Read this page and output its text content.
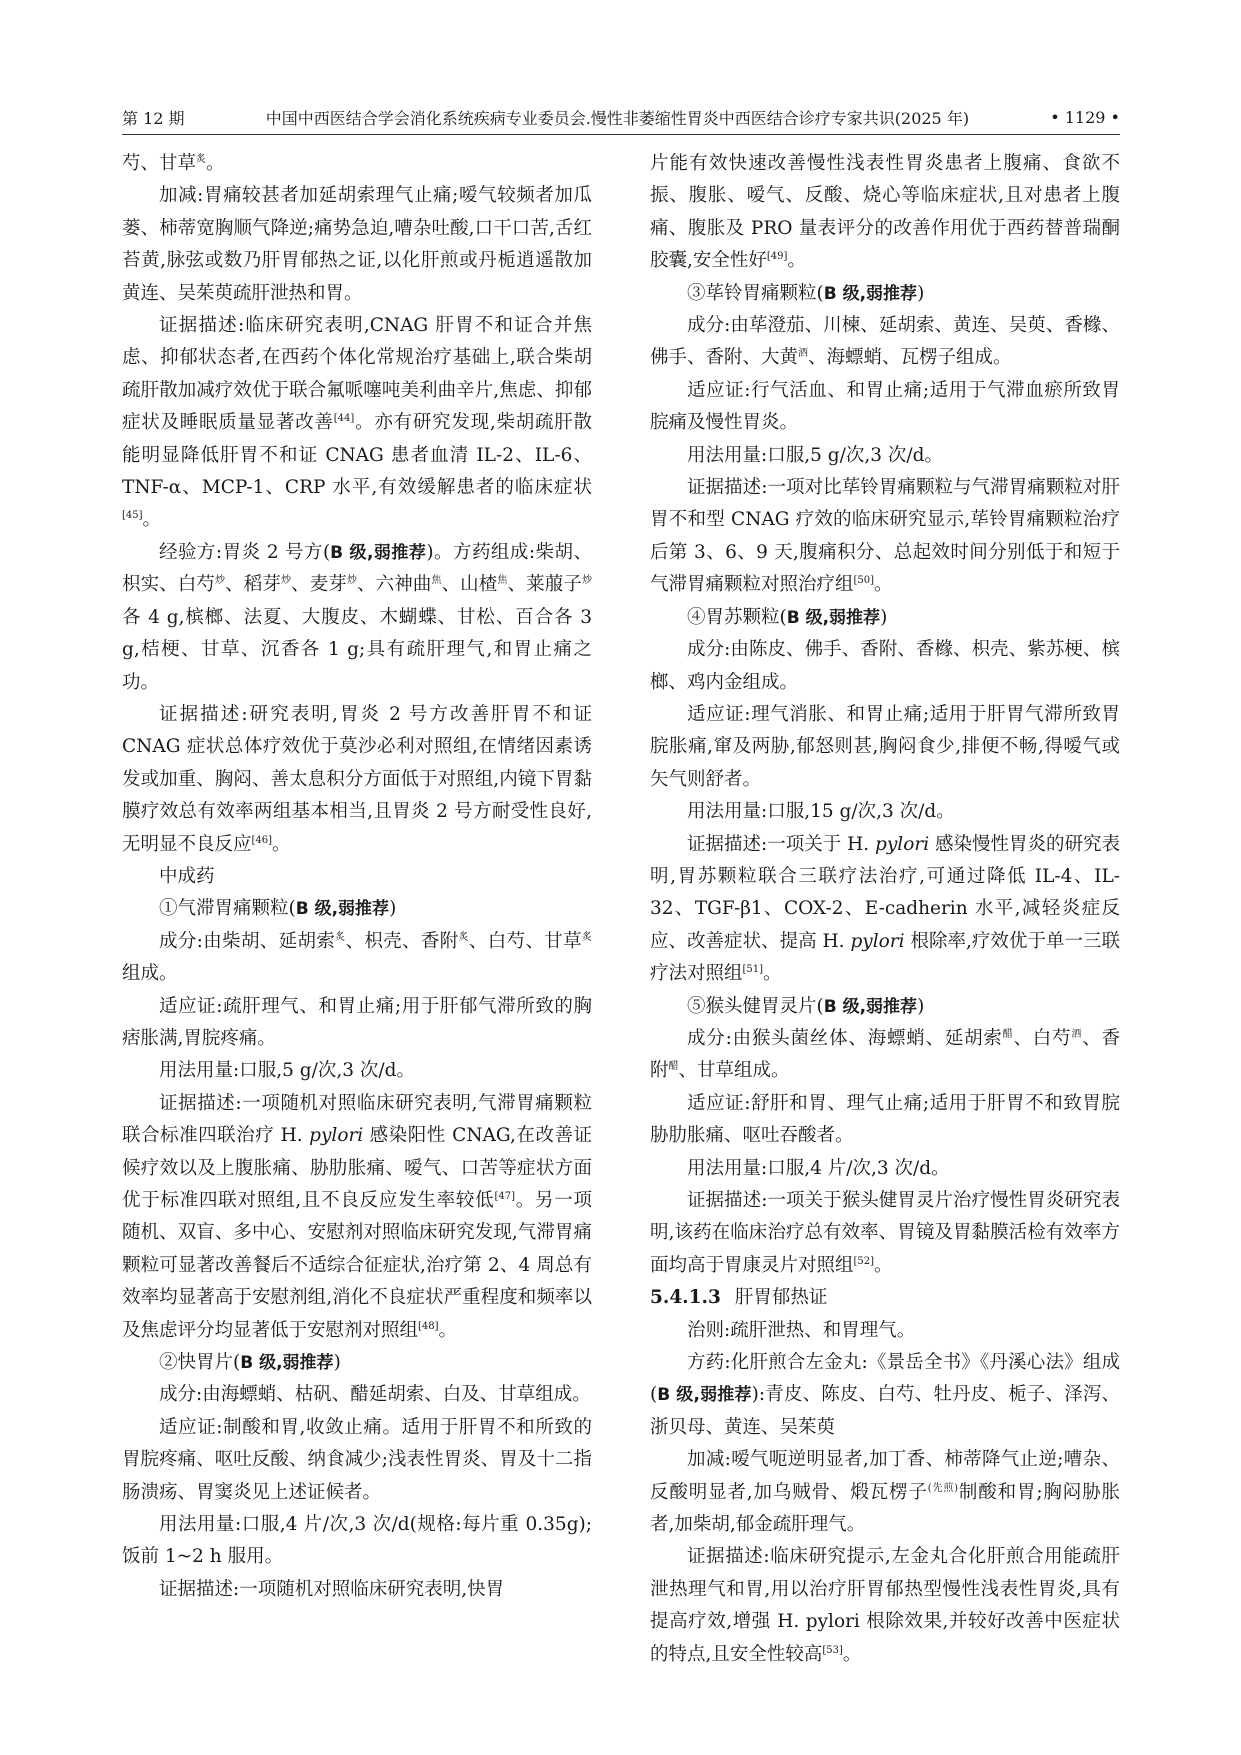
第 12 期	中国中西医结合学会消化系统疾病专业委员会.慢性非萎缩性胃炎中西医结合诊疗专家共识(2025 年)	• 1129 •

芍、甘草$^炙$。

加减:胃痛较甚者加延胡索理气止痛;嗳气较频者加瓜蒌、柿蒂宽胸顺气降逆;痛势急迫,嘈杂吐酸,口干口苦,舌红苔黄,脉弦或数乃肝胃郁热之证,以化肝煎或丹栀逍遥散加黄连、吴茱萸疏肝泄热和胃。

证据描述:临床研究表明,CNAG 肝胃不和证合并焦虑、抑郁状态者,在西药个体化常规治疗基础上,联合柴胡疏肝散加减疗效优于联合氟哌噻吨美利曲辛片,焦虑、抑郁症状及睡眠质量显著改善[44]。亦有研究发现,柴胡疏肝散能明显降低肝胃不和证 CNAG 患者血清 IL-2、IL-6、TNF-α、MCP-1、CRP 水平,有效缓解患者的临床症状[45]。

经验方:胃炎 2 号方(B 级,弱推荐)。方药组成:柴胡、枳实、白芍$^炒$、稻芽$^炒$、麦芽$^炒$、六神曲$^焦$、山楂$^焦$、莱菔子$^炒$各 4 g,槟榔、法夏、大腹皮、木蝴蝶、甘松、百合各 3 g,桔梗、甘草、沉香各 1 g;具有疏肝理气,和胃止痛之功。

证据描述:研究表明,胃炎 2 号方改善肝胃不和证 CNAG 症状总体疗效优于莫沙必利对照组,在情绪因素诱发或加重、胸闷、善太息积分方面低于对照组,内镜下胃黏膜疗效总有效率两组基本相当,且胃炎 2 号方耐受性良好,无明显不良反应[46]。

中成药

①气滞胃痛颗粒(B 级,弱推荐)

成分:由柴胡、延胡索$^炙$、枳壳、香附$^炙$、白芍、甘草$^炙$组成。

适应证:疏肝理气、和胃止痛;用于肝郁气滞所致的胸痞胀满,胃脘疼痛。

用法用量:口服,5 g/次,3 次/d。

证据描述:一项随机对照临床研究表明,气滞胃痛颗粒联合标准四联治疗 H. pylori 感染阳性 CNAG,在改善证候疗效以及上腹胀痛、胁肋胀痛、嗳气、口苦等症状方面优于标准四联对照组,且不良反应发生率较低[47]。另一项随机、双盲、多中心、安慰剂对照临床研究发现,气滞胃痛颗粒可显著改善餐后不适综合征症状,治疗第 2、4 周总有效率均显著高于安慰剂组,消化不良症状严重程度和频率以及焦虑评分均显著低于安慰剂对照组[48]。

②快胃片(B 级,弱推荐)

成分:由海螵蛸、枯矾、醋延胡索、白及、甘草组成。

适应证:制酸和胃,收敛止痛。适用于肝胃不和所致的胃脘疼痛、呕吐反酸、纳食减少;浅表性胃炎、胃及十二指肠溃疡、胃窦炎见上述证候者。

用法用量:口服,4 片/次,3 次/d(规格:每片重 0.35g);饭前 1~2 h 服用。

证据描述:一项随机对照临床研究表明,快胃

片能有效快速改善慢性浅表性胃炎患者上腹痛、食欲不振、腹胀、嗳气、反酸、烧心等临床症状,且对患者上腹痛、腹胀及 PRO 量表评分的改善作用优于西药替普瑞酮胶囊,安全性好[49]。

③荜铃胃痛颗粒(B 级,弱推荐)

成分:由荜澄茄、川楝、延胡索、黄连、吴萸、香橼、佛手、香附、大黄$^酒$、海螵蛸、瓦楞子组成。

适应证:行气活血、和胃止痛;适用于气滞血瘀所致胃脘痛及慢性胃炎。

用法用量:口服,5 g/次,3 次/d。

证据描述:一项对比荜铃胃痛颗粒与气滞胃痛颗粒对肝胃不和型 CNAG 疗效的临床研究显示,荜铃胃痛颗粒治疗后第 3、6、9 天,腹痛积分、总起效时间分别低于和短于气滞胃痛颗粒对照治疗组[50]。

④胃苏颗粒(B 级,弱推荐)

成分:由陈皮、佛手、香附、香橼、枳壳、紫苏梗、槟榔、鸡内金组成。

适应证:理气消胀、和胃止痛;适用于肝胃气滞所致胃脘胀痛,窜及两胁,郁怒则甚,胸闷食少,排便不畅,得嗳气或矢气则舒者。

用法用量:口服,15 g/次,3 次/d。

证据描述:一项关于 H. pylori 感染慢性胃炎的研究表明,胃苏颗粒联合三联疗法治疗,可通过降低 IL-4、IL-32、TGF-β1、COX-2、E-cadherin 水平,减轻炎症反应、改善症状、提高 H. pylori 根除率,疗效优于单一三联疗法对照组[51]。

⑤猴头健胃灵片(B 级,弱推荐)

成分:由猴头菌丝体、海螵蛸、延胡索$^醋$、白芍$^酒$、香附$^醋$、甘草组成。

适应证:舒肝和胃、理气止痛;适用于肝胃不和致胃脘胁肋胀痛、呕吐吞酸者。

用法用量:口服,4 片/次,3 次/d。

证据描述:一项关于猴头健胃灵片治疗慢性胃炎研究表明,该药在临床治疗总有效率、胃镜及胃黏膜活检有效率方面均高于胃康灵片对照组[52]。

5.4.1.3 肝胃郁热证

治则:疏肝泄热、和胃理气。

方药:化肝煎合左金丸:《景岳全书》《丹溪心法》组成(B 级,弱推荐):青皮、陈皮、白芍、牡丹皮、栀子、泽泻、浙贝母、黄连、吴茱萸

加减:嗳气呃逆明显者,加丁香、柿蒂降气止逆;嘈杂、反酸明显者,加乌贼骨、煅瓦楞子$^{(先煎)}$制酸和胃;胸闷胁胀者,加柴胡,郁金疏肝理气。

证据描述:临床研究提示,左金丸合化肝煎合用能疏肝泄热理气和胃,用以治疗肝胃郁热型慢性浅表性胃炎,具有提高疗效,增强 H. pylori 根除效果,并较好改善中医症状的特点,且安全性较高[53]。
